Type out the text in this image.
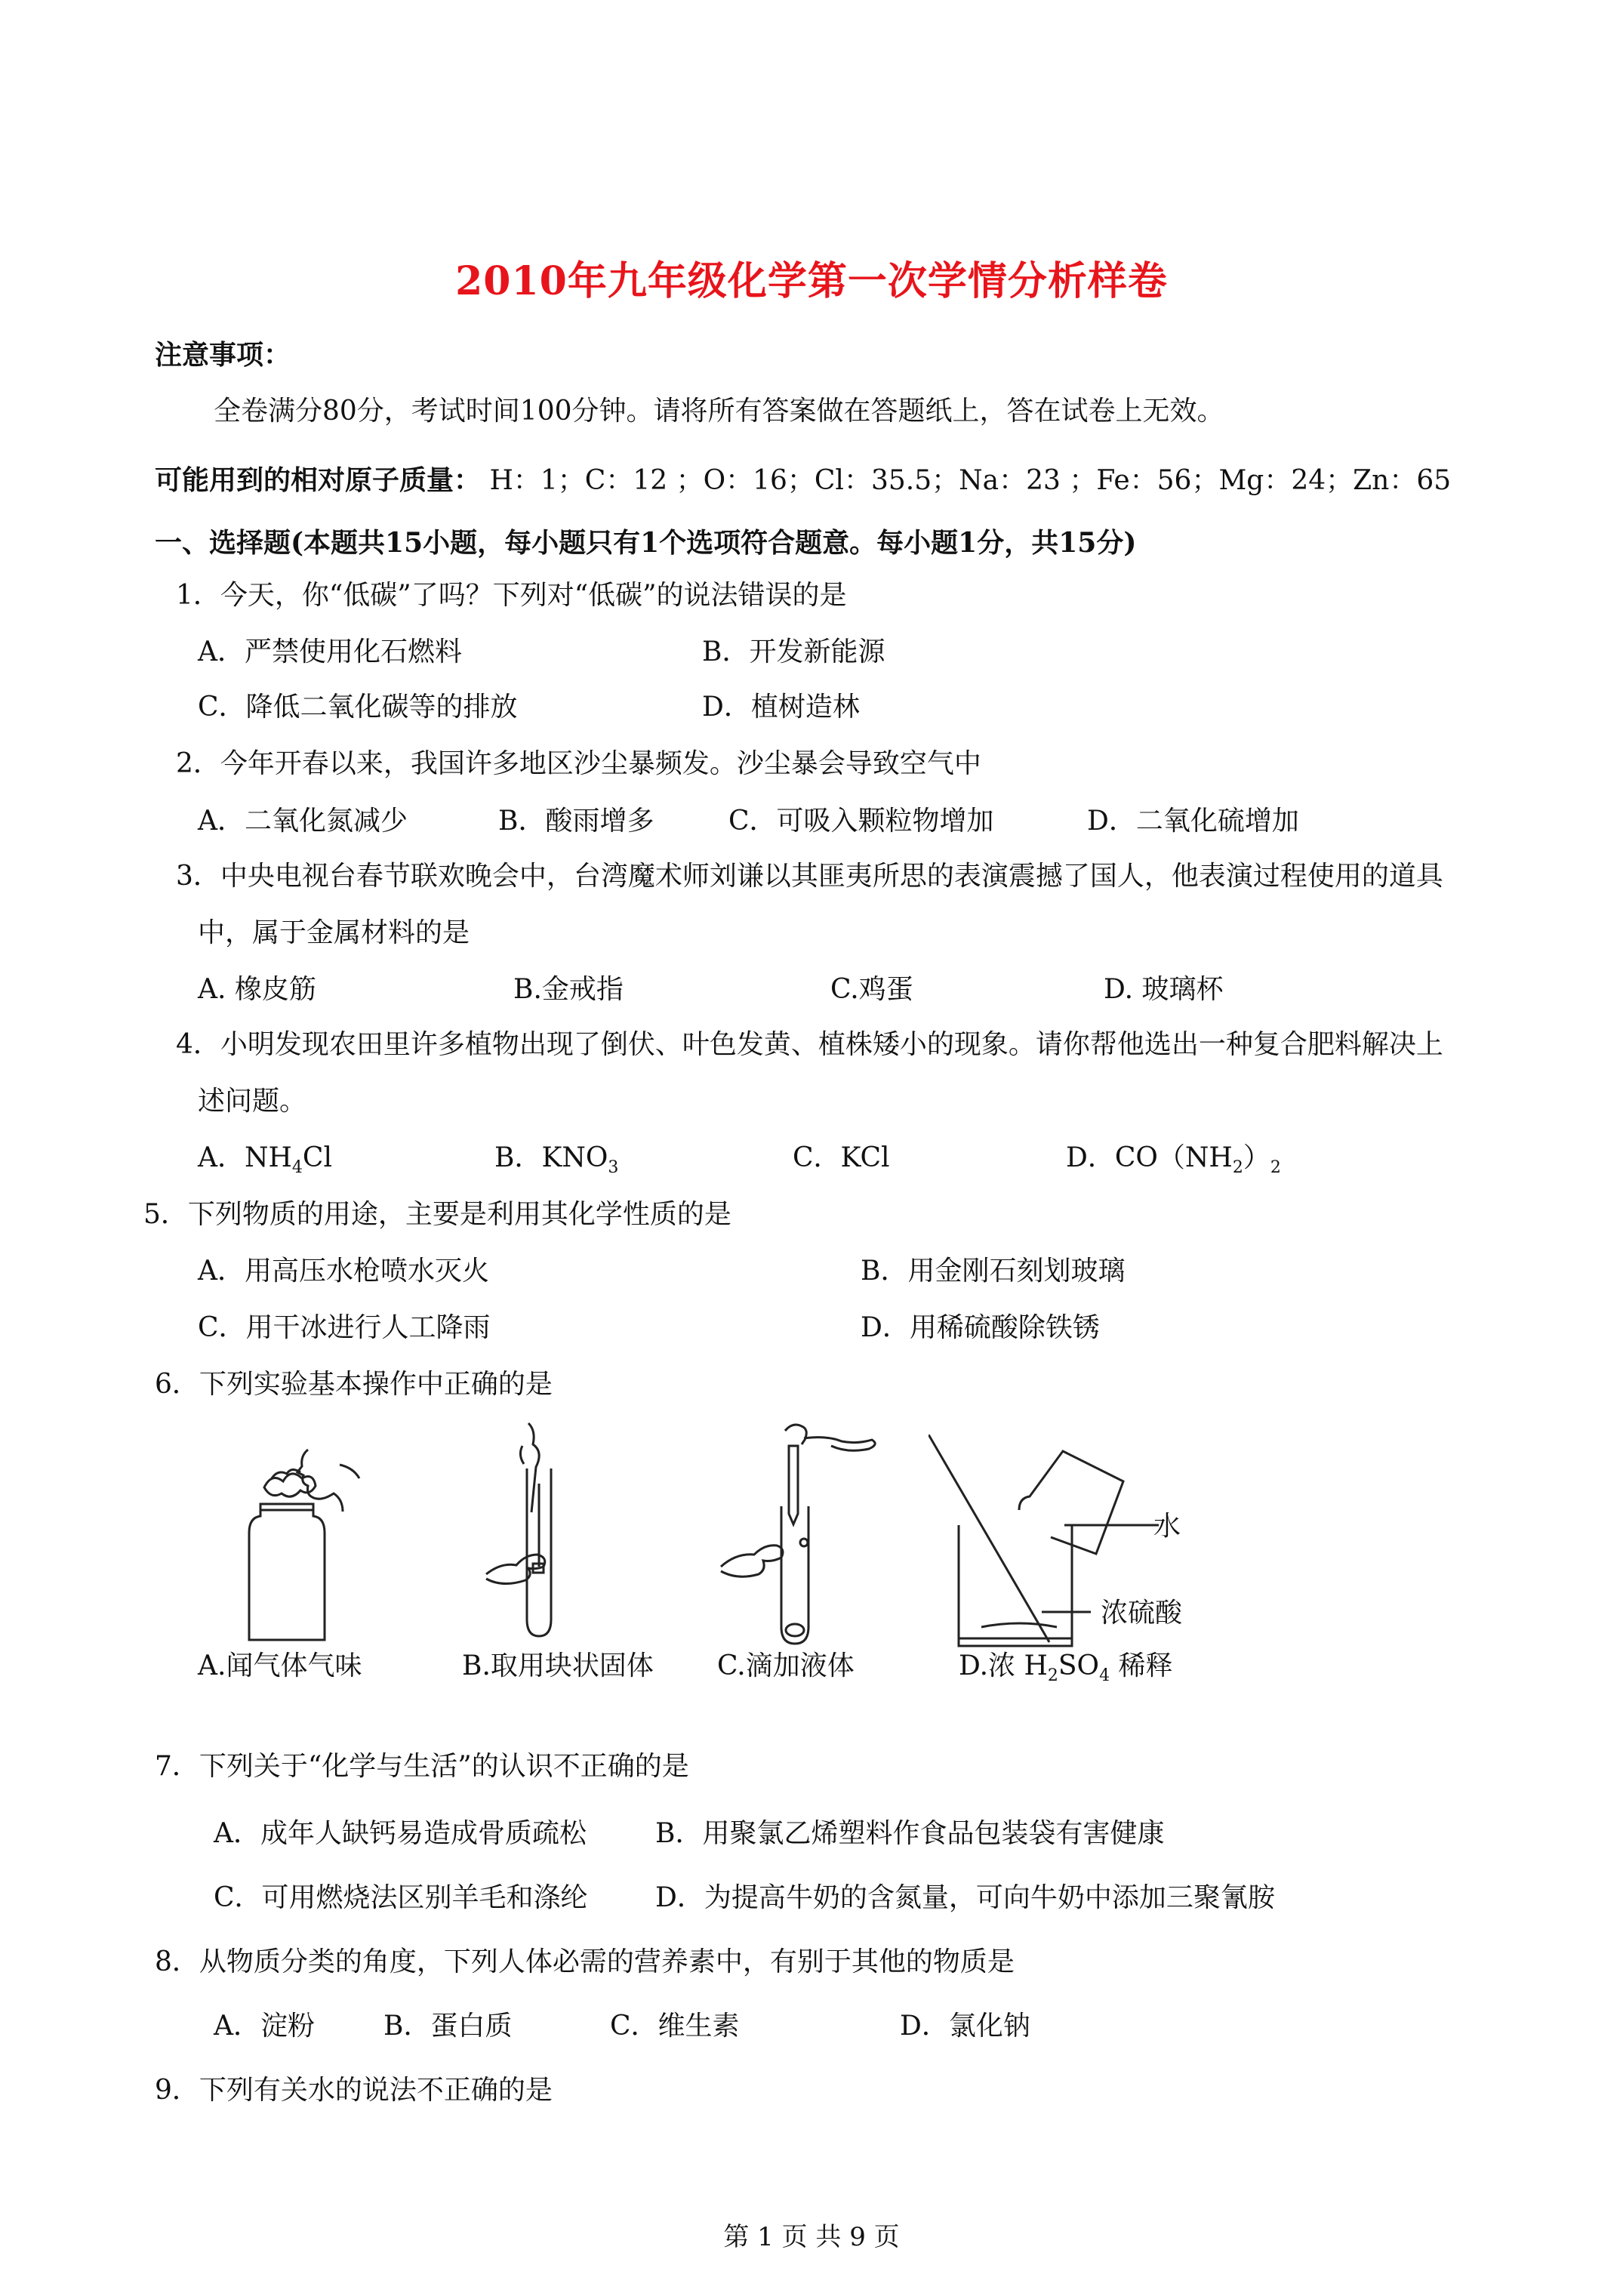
2010年九年级化学第一次学情分析样卷
注意事项：
全卷满分80分，考试时间100分钟。请将所有答案做在答题纸上，答在试卷上无效。
可能用到的相对原子质量： H：1；C：12 ；O：16；Cl：35.5；Na：23 ；Fe：56；Mg：24；Zn：65
一、选择题(本题共15小题，每小题只有1个选项符合题意。每小题1分，共15分)
1．今天，你“低碳”了吗？下列对“低碳”的说法错误的是
A．严禁使用化石燃料	B．开发新能源
C．降低二氧化碳等的排放	D．植树造林
2．今年开春以来，我国许多地区沙尘暴频发。沙尘暴会导致空气中
A．二氧化氮减少	B．酸雨增多	C．可吸入颗粒物增加	D．二氧化硫增加
3．中央电视台春节联欢晚会中，台湾魔术师刘谦以其匪夷所思的表演震撼了国人，他表演过程使用的道具
中，属于金属材料的是
A. 橡皮筋	B.金戒指	C.鸡蛋	D. 玻璃杯
4．小明发现农田里许多植物出现了倒伏、叶色发黄、植株矮小的现象。请你帮他选出一种复合肥料解决上
述问题。
A．$NH_4Cl$	B．$KNO_3$	C．KCl	D．$CO(NH_2)_2$
5．下列物质的用途，主要是利用其化学性质的是
A．用高压水枪喷水灭火	B．用金刚石刻划玻璃
C．用干冰进行人工降雨	D．用稀硫酸除铁锈
6．下列实验基本操作中正确的是
水
浓硫酸
A.闻气体气味	B.取用块状固体 C.滴加液体	D.浓 $H_2SO_4$ 稀释
7．下列关于“化学与生活”的认识不正确的是
A．成年人缺钙易造成骨质疏松	B．用聚氯乙烯塑料作食品包装袋有害健康
C．可用燃烧法区别羊毛和涤纶 D．为提高牛奶的含氮量，可向牛奶中添加三聚氰胺
8．从物质分类的角度，下列人体必需的营养素中，有别于其他的物质是
A．淀粉	B．蛋白质	C．维生素	D．氯化钠
9．下列有关水的说法不正确的是
第 1 页 共 9 页
